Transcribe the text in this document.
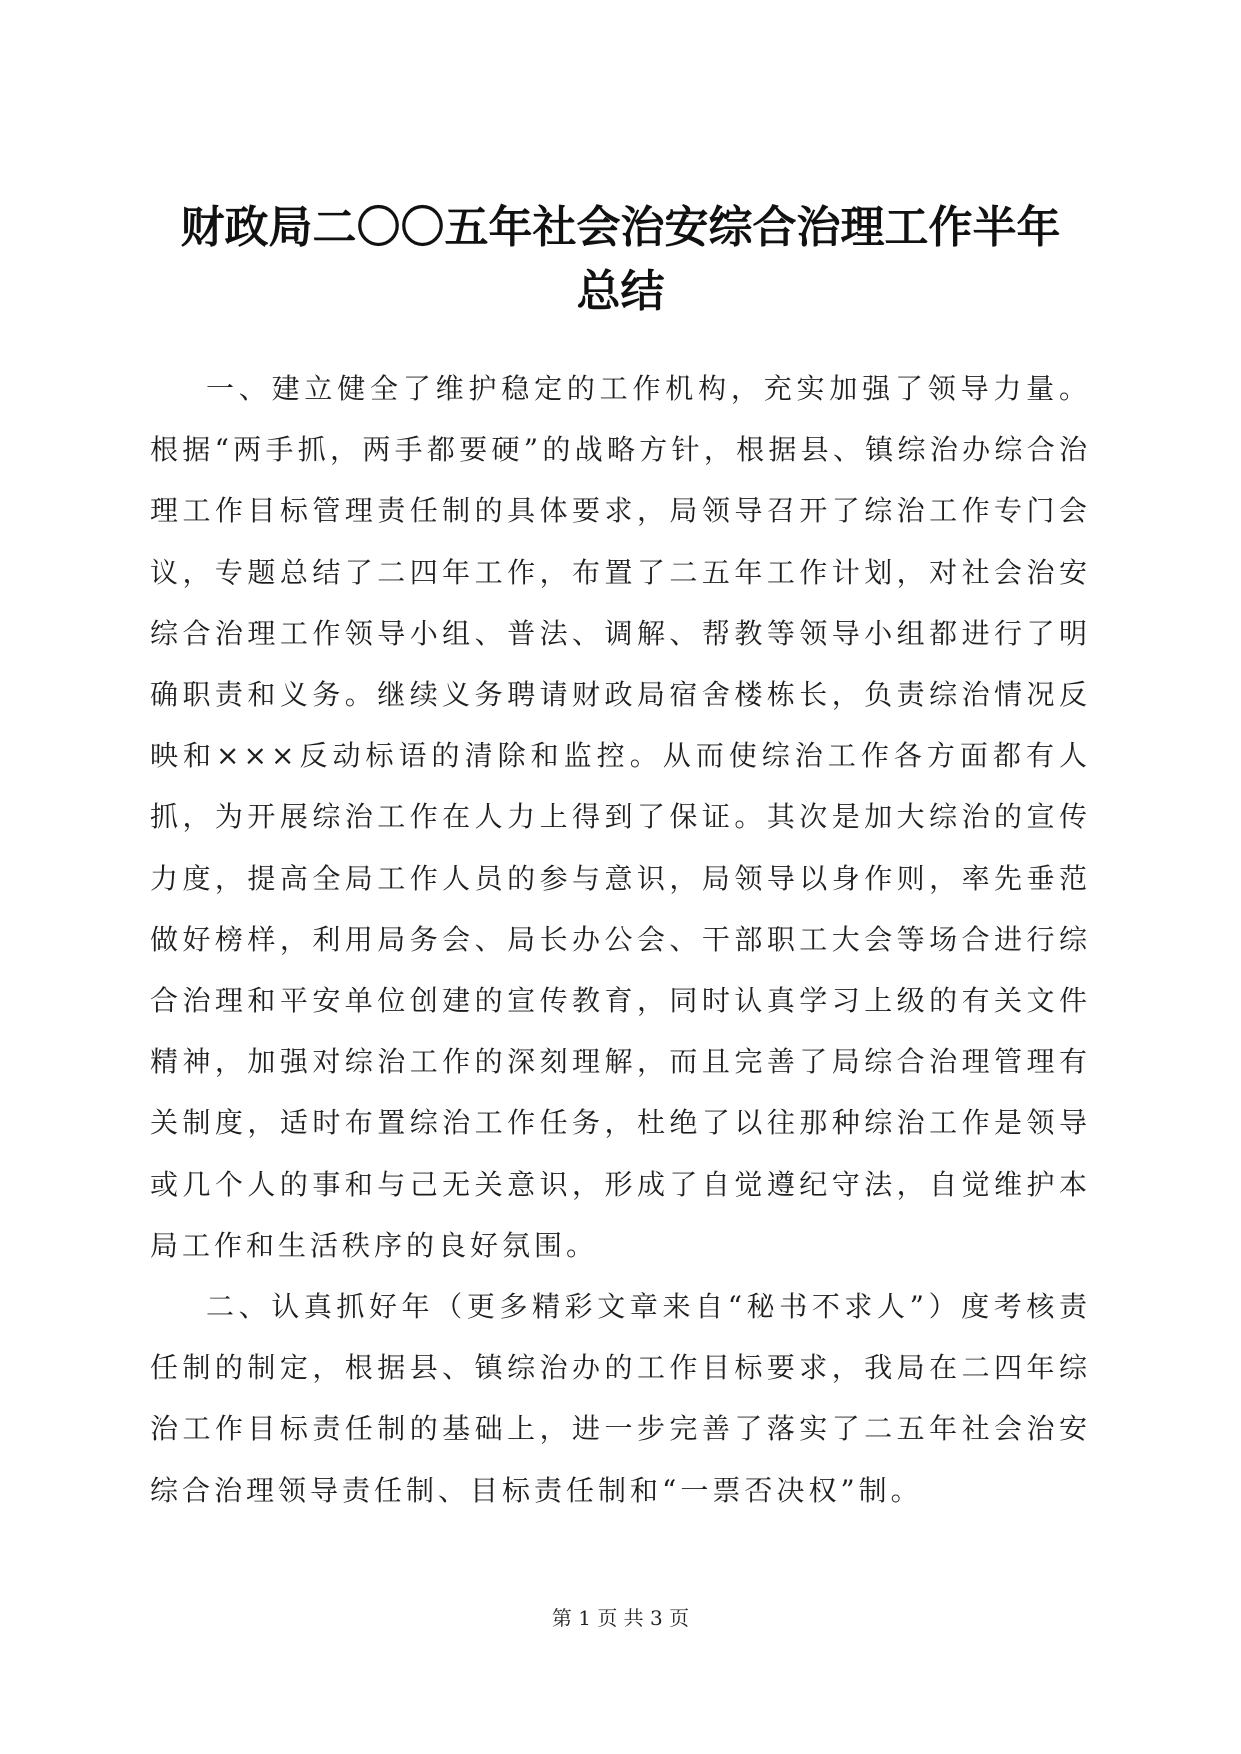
财政局二〇〇五年社会治安综合治理工作半年
总结

一、建立健全了维护稳定的工作机构，充实加强了领导力量。根据“两手抓，两手都要硬”的战略方针，根据县、镇综治办综合治理工作目标管理责任制的具体要求，局领导召开了综治工作专门会议，专题总结了二四年工作，布置了二五年工作计划，对社会治安综合治理工作领导小组、普法、调解、帮教等领导小组都进行了明确职责和义务。继续义务聘请财政局宿舍楼栋长，负责综治情况反映和×××反动标语的清除和监控。从而使综治工作各方面都有人抓，为开展综治工作在人力上得到了保证。其次是加大综治的宣传力度，提高全局工作人员的参与意识，局领导以身作则，率先垂范做好榜样，利用局务会、局长办公会、干部职工大会等场合进行综合治理和平安单位创建的宣传教育，同时认真学习上级的有关文件精神，加强对综治工作的深刻理解，而且完善了局综合治理管理有关制度，适时布置综治工作任务，杜绝了以往那种综治工作是领导或几个人的事和与己无关意识，形成了自觉遵纪守法，自觉维护本局工作和生活秩序的良好氛围。

二、认真抓好年（更多精彩文章来自“秘书不求人”）度考核责任制的制定，根据县、镇综治办的工作目标要求，我局在二四年综治工作目标责任制的基础上，进一步完善了落实了二五年社会治安综合治理领导责任制、目标责任制和“一票否决权”制。

第 1 页 共 3 页
